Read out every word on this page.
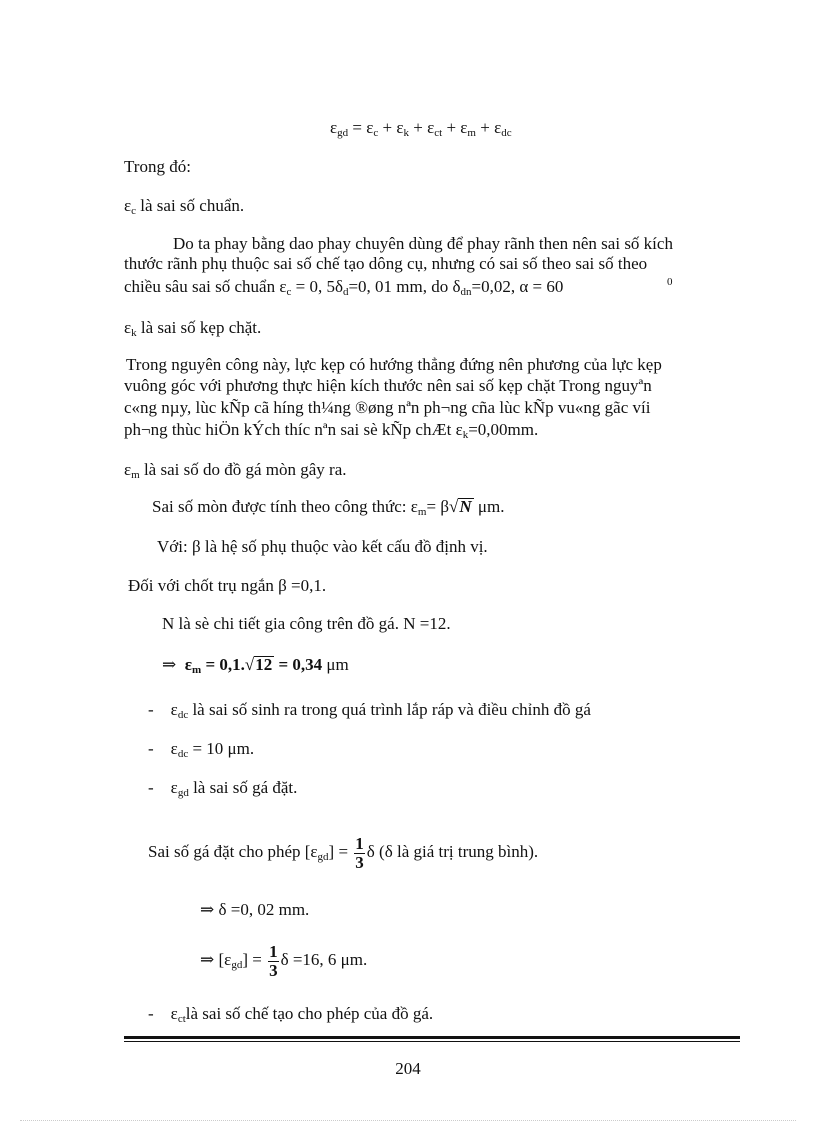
$\varepsilon_{gd} = \varepsilon_c + \varepsilon_k + \varepsilon_{ct} + \varepsilon_m + \varepsilon_{dc}$
Trong đó:
$\varepsilon_c$ là sai số chuẩn.
Do ta phay bằng dao phay chuyên dùng để phay rãnh then nên sai số kích
thước rãnh phụ thuộc sai số chế tạo dông cụ, nhưng có sai số theo sai số theo
chiều sâu sai số chuẩn $\varepsilon_c = 0$, $5\delta_d=0$, 01 mm, do $\delta_{dn}=0,02$, α = 60	0
$\varepsilon_k$ là sai số kẹp chặt.
Trong nguyên công này, lực kẹp có hướng thẳng đứng nên phương của lực kẹp
vuông góc với phương thực hiện kích thước nên sai số kẹp chặt Trong nguyªn
c«ng nµy, lùc kÑp cã híng th¼ng ®øng nªn ph¬ng cña lùc kÑp vu«ng gãc víi
ph¬ng thùc hiÖn kÝch thíc nªn sai sè kÑp chÆt $\varepsilon_k=0,00mm$.
$\varepsilon_m$ là sai số do đồ gá mòn gây ra.
Sai số mòn được tính theo công thức: $\varepsilon_m= \beta√N$ μm.
Với: β là hệ số phụ thuộc vào kết cấu đồ định vị.
Đối với chốt trụ ngắn β =0,1.
N là sè chi tiết gia công trên đồ gá. N =12.
⇒ $\varepsilon_m = 0,1.√12 = 0,34$ μm
- $\varepsilon_{dc}$ là sai số sinh ra trong quá trình lắp ráp và điều chỉnh đồ gá
- $\varepsilon_{dc} = 10$ μm.
- $\varepsilon_{gd}$ là sai số gá đặt.
Sai số gá đặt cho phép $[\varepsilon_{gd}] = \frac{1}{3}$ δ (δ là giá trị trung bình).
⇒ δ =0, 02 mm.
⇒ $[\varepsilon_{gd}] = \frac{1}{3}$ δ =16, 6 μm.
- $\varepsilon_{ct}là$ sai số chế tạo cho phép của đồ gá.
204
